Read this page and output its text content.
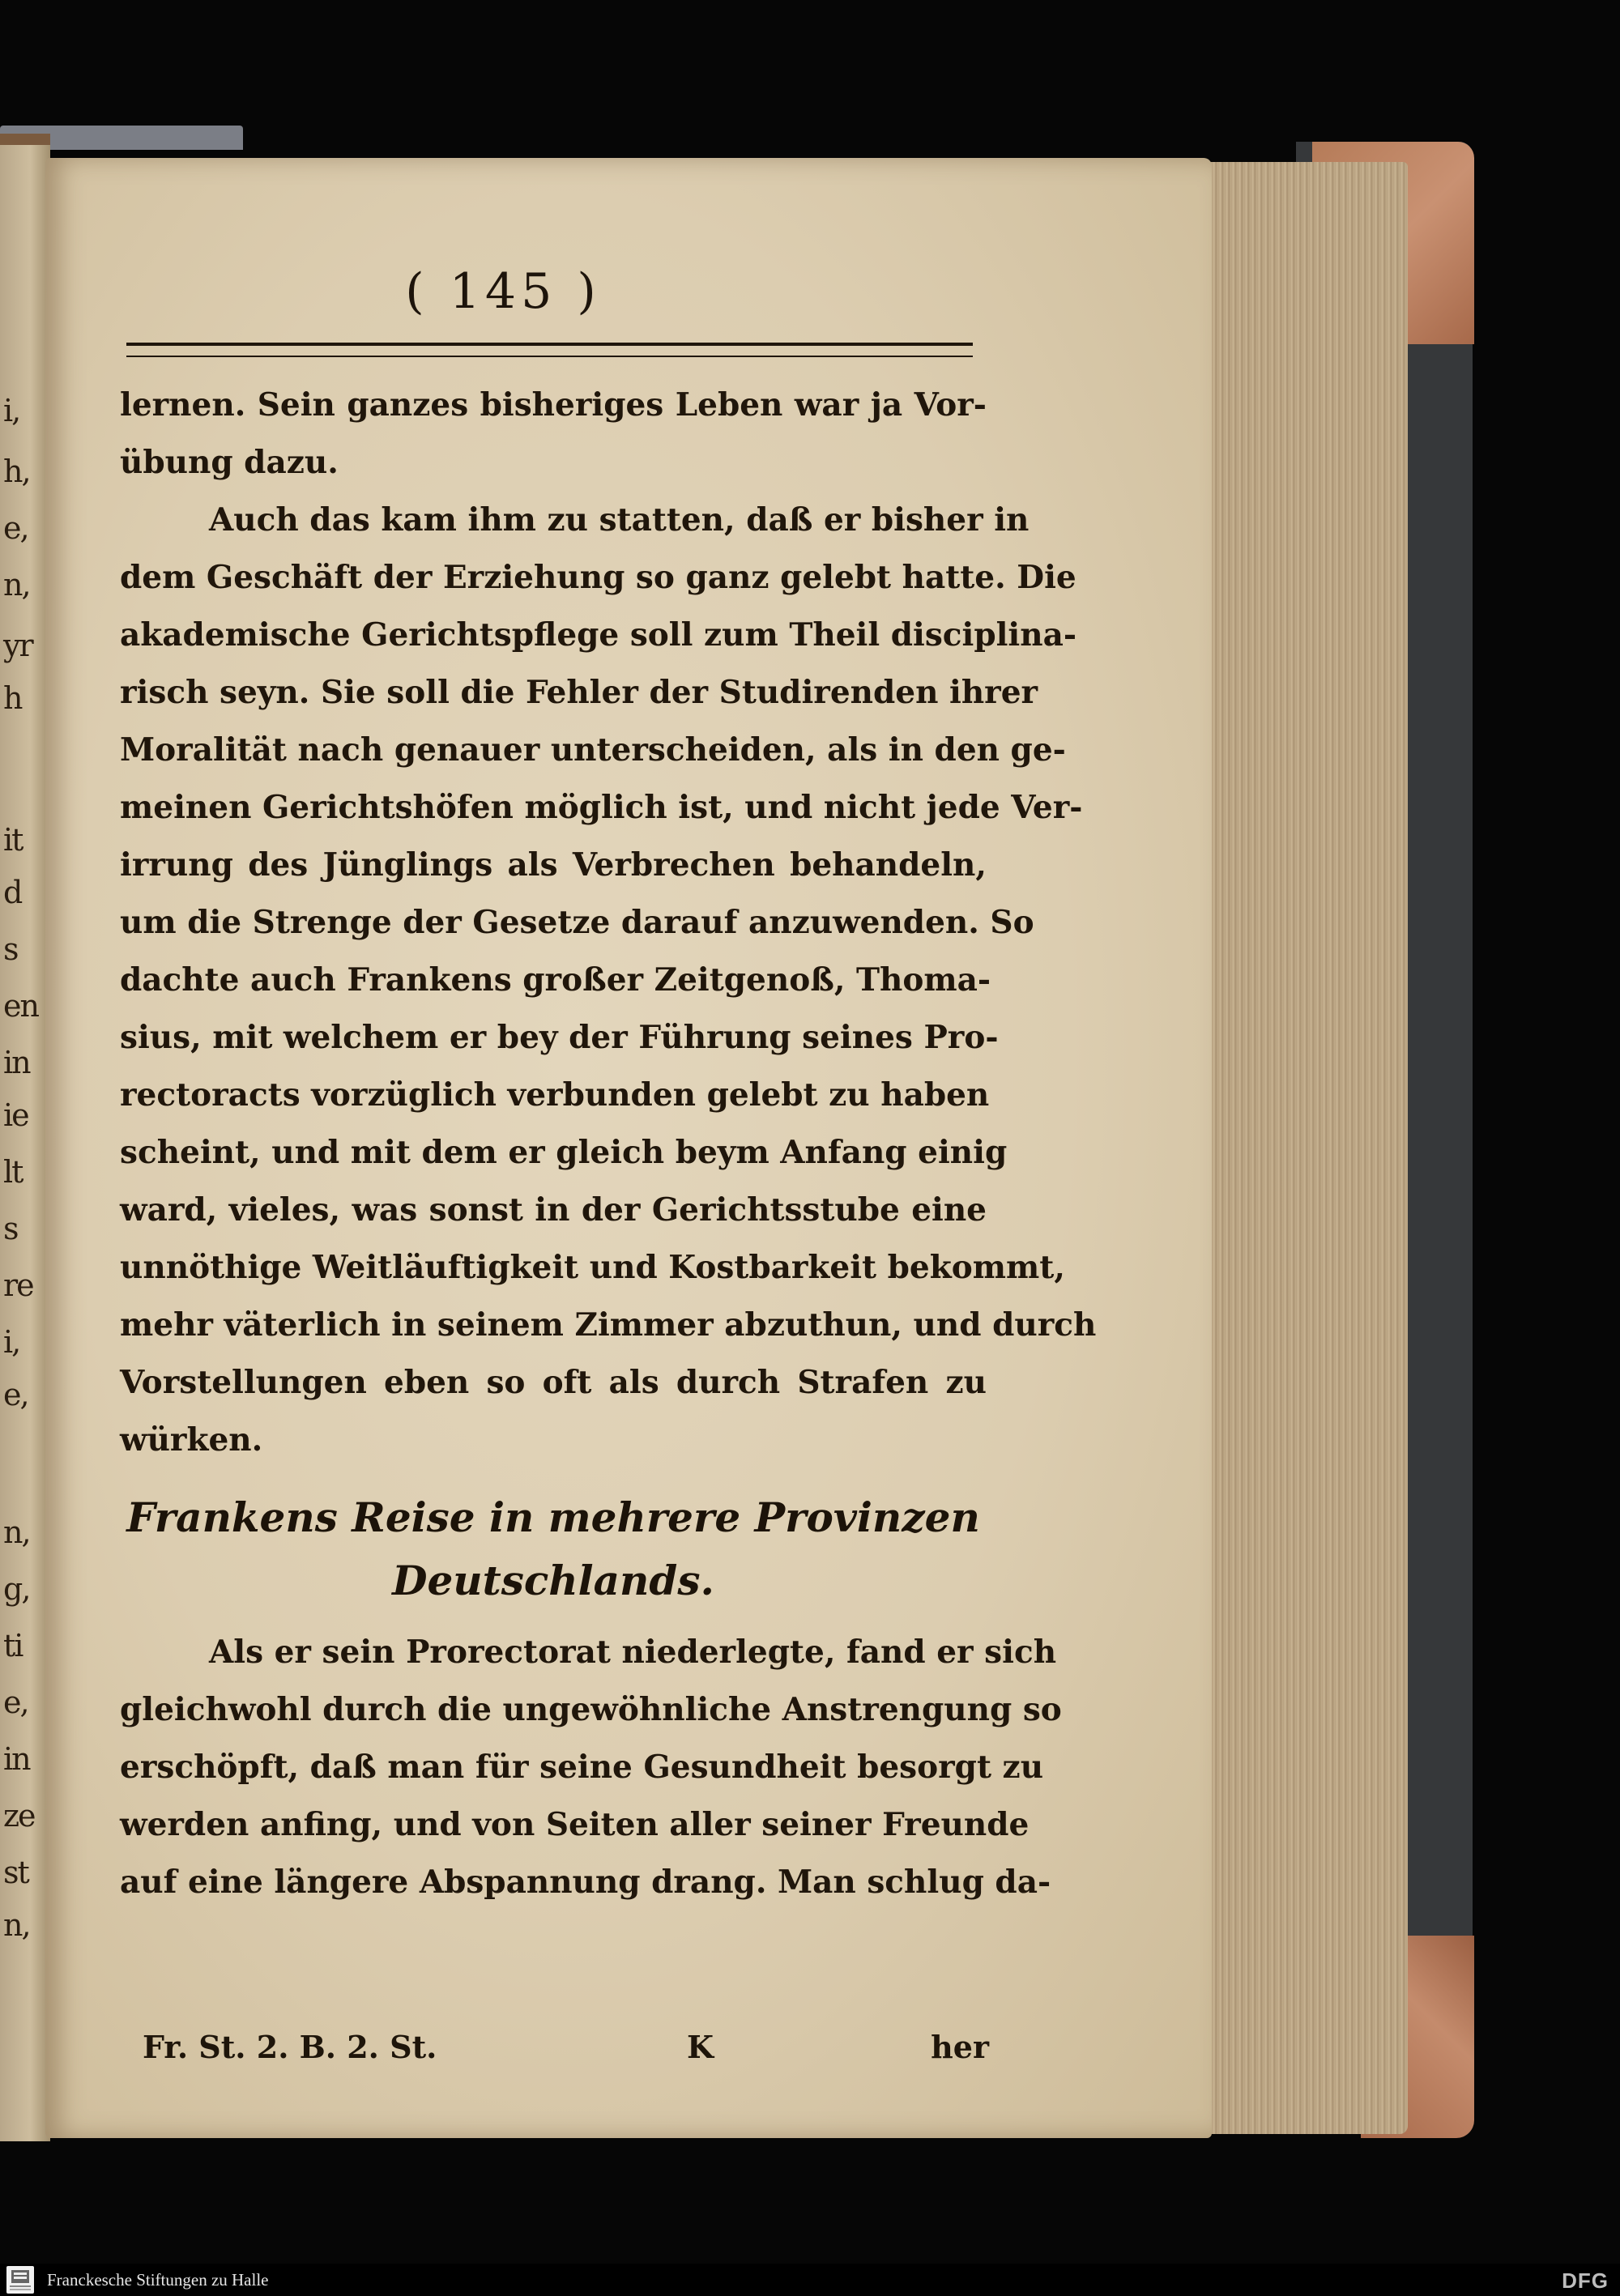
i,
h,
e,
n,
yr
h
it
d
s
en
in
ie
lt
s
re
i,
e,
n,
g,
ti
e,
in
ze
st
n,
( 145 )
lernen. Sein ganzes bisheriges Leben war ja Vor-
übung dazu.
Auch das kam ihm zu statten, daß er bisher in
dem Geschäft der Erziehung so ganz gelebt hatte. Die
akademische Gerichtspflege soll zum Theil disciplina-
risch seyn. Sie soll die Fehler der Studirenden ihrer
Moralität nach genauer unterscheiden, als in den ge-
meinen Gerichtshöfen möglich ist, und nicht jede Ver-
irrung des Jünglings als Verbrechen behandeln,
um die Strenge der Gesetze darauf anzuwenden. So
dachte auch Frankens großer Zeitgenoß, Thoma-
sius, mit welchem er bey der Führung seines Pro-
rectoracts vorzüglich verbunden gelebt zu haben
scheint, und mit dem er gleich beym Anfang einig
ward, vieles, was sonst in der Gerichtsstube eine
unnöthige Weitläuftigkeit und Kostbarkeit bekommt,
mehr väterlich in seinem Zimmer abzuthun, und durch
Vorstellungen eben so oft als durch Strafen zu
würken.
Frankens Reise in mehrere Provinzen
Deutschlands.
Als er sein Prorectorat niederlegte, fand er sich
gleichwohl durch die ungewöhnliche Anstrengung so
erschöpft, daß man für seine Gesundheit besorgt zu
werden anfing, und von Seiten aller seiner Freunde
auf eine längere Abspannung drang. Man schlug da-
Fr. St. 2. B. 2. St.	K	her
Franckesche Stiftungen zu Halle	DFG
